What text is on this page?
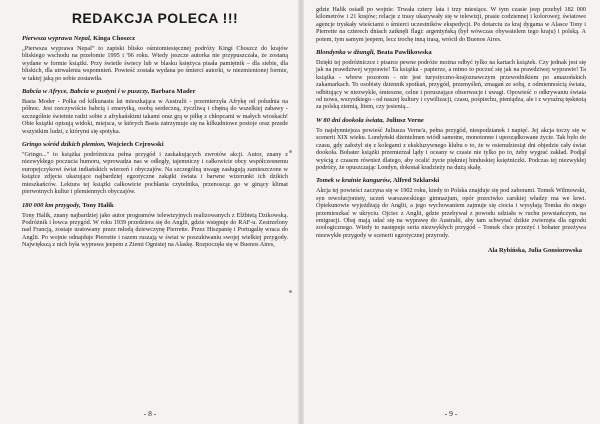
REDAKCJA POLECA !!!
Pierwsza wyprawa Nepal, Kinga Choszcz

„Pierwsza wyprawa Nepal” to zapiski blisko ośmiomiesięcznej podróży Kingi Choszcz do krajów bliskiego wschodu na przełomie 1995 i '96 roku. Wtedy jeszcze autorka nie przypuszczała, że zostaną wydane w formie książki. Przy świetle świecy lub w blasku księżyca pisała pamiętnik – dla siebie, dla bliskich, dla utrwalenia wspomnień. Powieść została wydana po śmierci autorki, w niezmienionej formie, w takiej jaką po sobie zostawiła.

Babcia w Afryce, Babcia w pustyni i w puszczy, Barbara Mader

Basia Moder - Polka od kilkunastu lat mieszkająca w Australii - przemierzyła Afrykę od południa na północ. Jest rzeczywiście babcią i emerytką, osobą serdeczną, życzliwą i chętną do wszelkiej zabawy - szczególnie świetnie radzi sobie z afrykańskimi takami oraz grą w piłkę z chłopcami w małych wioskach! Obie książki opisują widoki, miejsca, w których Basia zatrzymuje się na kilkudniowe postoje oraz przede wszystkim ludzi, z którymi się spotyka.

Gringo wśród dzikich plemion, Wojciech Cejrowski

"Gringo..." to książka podróżnicza pełna przygód i zaskakujących zwrotów akcji. Autor, znany z niezwykłego poczucia humoru, wprowadza nas w odległy, tajemniczy i całkowicie obcy współczesnemu europejczykowi świat indiańskich wierzeń i obyczajów. Na szczególną uwagę zasługują zamieszczone w książce zdjęcia ukazujące najbardziej egzotyczne zakątki świata i barwne wizerunki ich dzikich mieszkańców. Lektura tej książki całkowicie pochłania czytelnika, przenosząc go w ginący klimat pierwotnych kultur i plemiennych obyczajów.

180 000 km przygody, Tony Halik

Tony Halik, znany najbardziej jako autor programów telewizyjnych realizowanych z Elżbietą Dzikowską. Podróżnik i łowca przygód. W roku 1939 przedziera się do Anglii, gdzie wstępuje do RAF-u. Zestrzelony nad Francją, zostaje uratowany przez młodą dziewczynę Pierrette. Przez Hiszpanię i Portugalię wraca do Anglii. Po wojnie odnajduje Pierrette i razem ruszają w świat w poszukiwaniu swojej wielkiej przygody. Największą z nich była wyprawa jeepem z Ziemi Ognistej na Alaskę. Rozpoczęła się w Buenos Aires,

- 8 -

gdzie Halik osiadł po wojnie. Trwała cztery lata i trzy miesiące. W tym czasie jeep przebył 182 000 kilometrów i 21 krajów; relacje z trasy ukazywały się w telewizji, prasie codziennej i kolorowej; światowe agencje tryskały wieściami o śmierci uczestników ekspedycji. Po dotarciu za kraj dygama w Alasce Tony i Pierrette na czterech dniach zatknęli flagi: argentyńską (był wówczas obywatelem tego kraju) i polską. A potem, tym samym jeepem, lecz trochę inną trasą, wrócił do Buenos Aires.

Blondynka w dżungli, Beata Pawlikowska

Dzięki tej podróżniczce i pisarce pewne podróże można odbyć tylko na kartach książek. Czy jednak jest się jak na prawdziwej wyprawie! Ta książka - papierze, a mimo to poczuć się jak na prawdziwej wyprawie! Ta książka - wbrew pozorom - nie jest turystyczno-krajoznawczym przewodnikiem po amazońskich zakamarkach. To osobisty dziennik spotkań, przygód, przemyśleń, zmagań ze sobą, z odmiennością świata, odbitujący w niezwykle, śmieszne, celne i poruszające obserwacje i uwagi. Opowieść o odkrywaniu świata od nowa, wszystkiego - od naszej kultury i cywilizacji, czasu, pośpiechu, pieniądza, ale i z wyraźną tęsknotą za polską ziemią, litem, czy jesienią...

W 80 dni dookoła świata, Juliusz Verne

To najsłynniejsza powieść Juliusza Verne'a, pełna przygód, niespodzianek i napięć. Jej akcja toczy się w scenerii XIX wieku. Londyński dżentelmen wiódł samotne, monotonne i uporządkowane życie. Tak było do czasu, gdy założył się z kolegami z ekskluzywnego klubu o to, że w osiemdziesiąt dni objedzie cały świat dookoła. Bohater książki przemierzał lądy i oceany w czasie nie tylko po to, żeby wygrać zakład. Podjął wyścig z czasem również dlatego, aby ocalić życie piękniej hinduskiej księżniczki. Podczas tej niezwykłej podróży, że opuszczając Londyn, dokonał kradzieży na dużą skalę.

Tomek w krainie kangurów, Alfred Szklarski

Akcja tej powieści zaczyna się w 1902 roku, kiedy to Polska znajduje się pod zaborami. Tomek Wilmowski, syn rewolucjonisty, uczeń warszawskiego gimnazjum, opór przeciwko carskiej władzy ma we krwi. Opiekunowie wyjeżdżają do Anglii, a jego wychowaniem zajmuje się ciocia i wysyłają Tomka do niego przemieszkać w ukryciu. Ojciec z Anglii, gdzie przebywał z powodu udziału w ruchu powstańczym, na emigracji. Obaj mają udać się na wyprawę do Australii, aby tam schwytać dzikie zwierzęta dla ogrodu zoologicznego. Wtedy to następuje seria niezwykłych przygód – Tomek chce przeżyć i bohater przeżywa niezwykłe przygody w scenerii egzotycznej przyrody.

Ala Rybińska, Julia Gonsiorowska
- 9 -
